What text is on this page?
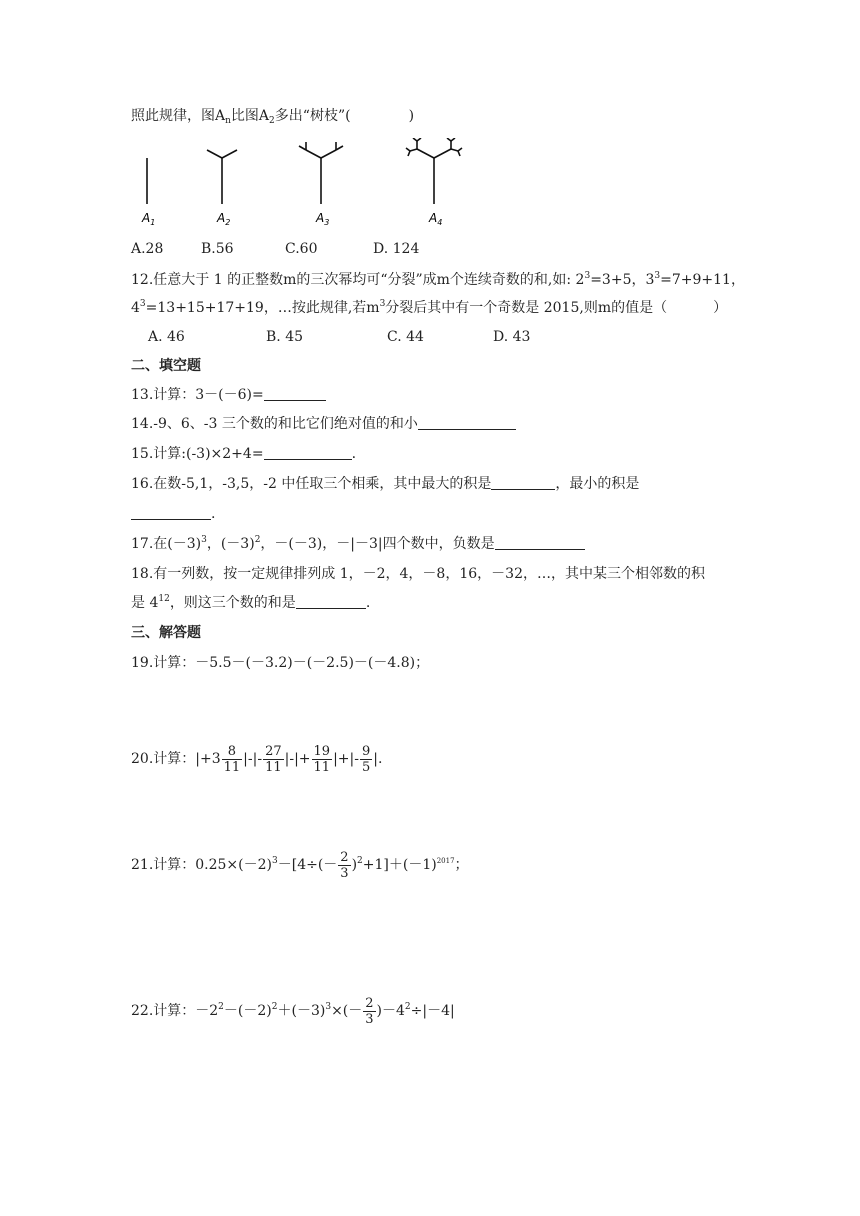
照此规律，图$A_n$比图$A_2$多出“树枝”(	)
$A_1$	$A_2$	$A_3$	$A_4$
A.28	B.56	C.60	D. 124
12.任意大于 1 的正整数m的三次幂均可“分裂”成m个连续奇数的和,如: $2^3=3+5$，$3^3=7+9+11$，
$4^3=13+15+17+19$，…按此规律,若$m^3$分裂后其中有一个奇数是 2015,则m的值是（	）
A. 46	B. 45	C. 44	D. 43
二、填空题
13.计算：3－(－6)=
14.-9、6、-3 三个数的和比它们绝对值的和小
15.计算:(-3)×2+4=	.
16.在数-5,1，-3,5，-2 中任取三个相乘，其中最大的积是	，最小的积是
.
17.在$(-3)^3$，$(-3)^2$，－(－3)，－|－3|四个数中，负数是
18.有一列数，按一定规律排列成 1，－2，4，－8，16，－32，…，其中某三个相邻数的积
是 $4^{12}$，则这三个数的和是	.
三、解答题
19.计算：－5.5－(－3.2)－(－2.5)－(－4.8)；
20.计算：$|+3 \frac{8}{11}$ |-|- $\frac{27}{11}$ |-|+ $\frac{19}{11}$ |+|- $\frac{9}{5}$ |.
21.计算：$0.25\times(-2)^3-[4\div(- \frac{2}{3} )^2+1]+(-1)^{2017}$；
22.计算：$-2^2-(-2)^2+(-3)^3\times(- \frac{2}{3} )-4^2\div|-4|$
